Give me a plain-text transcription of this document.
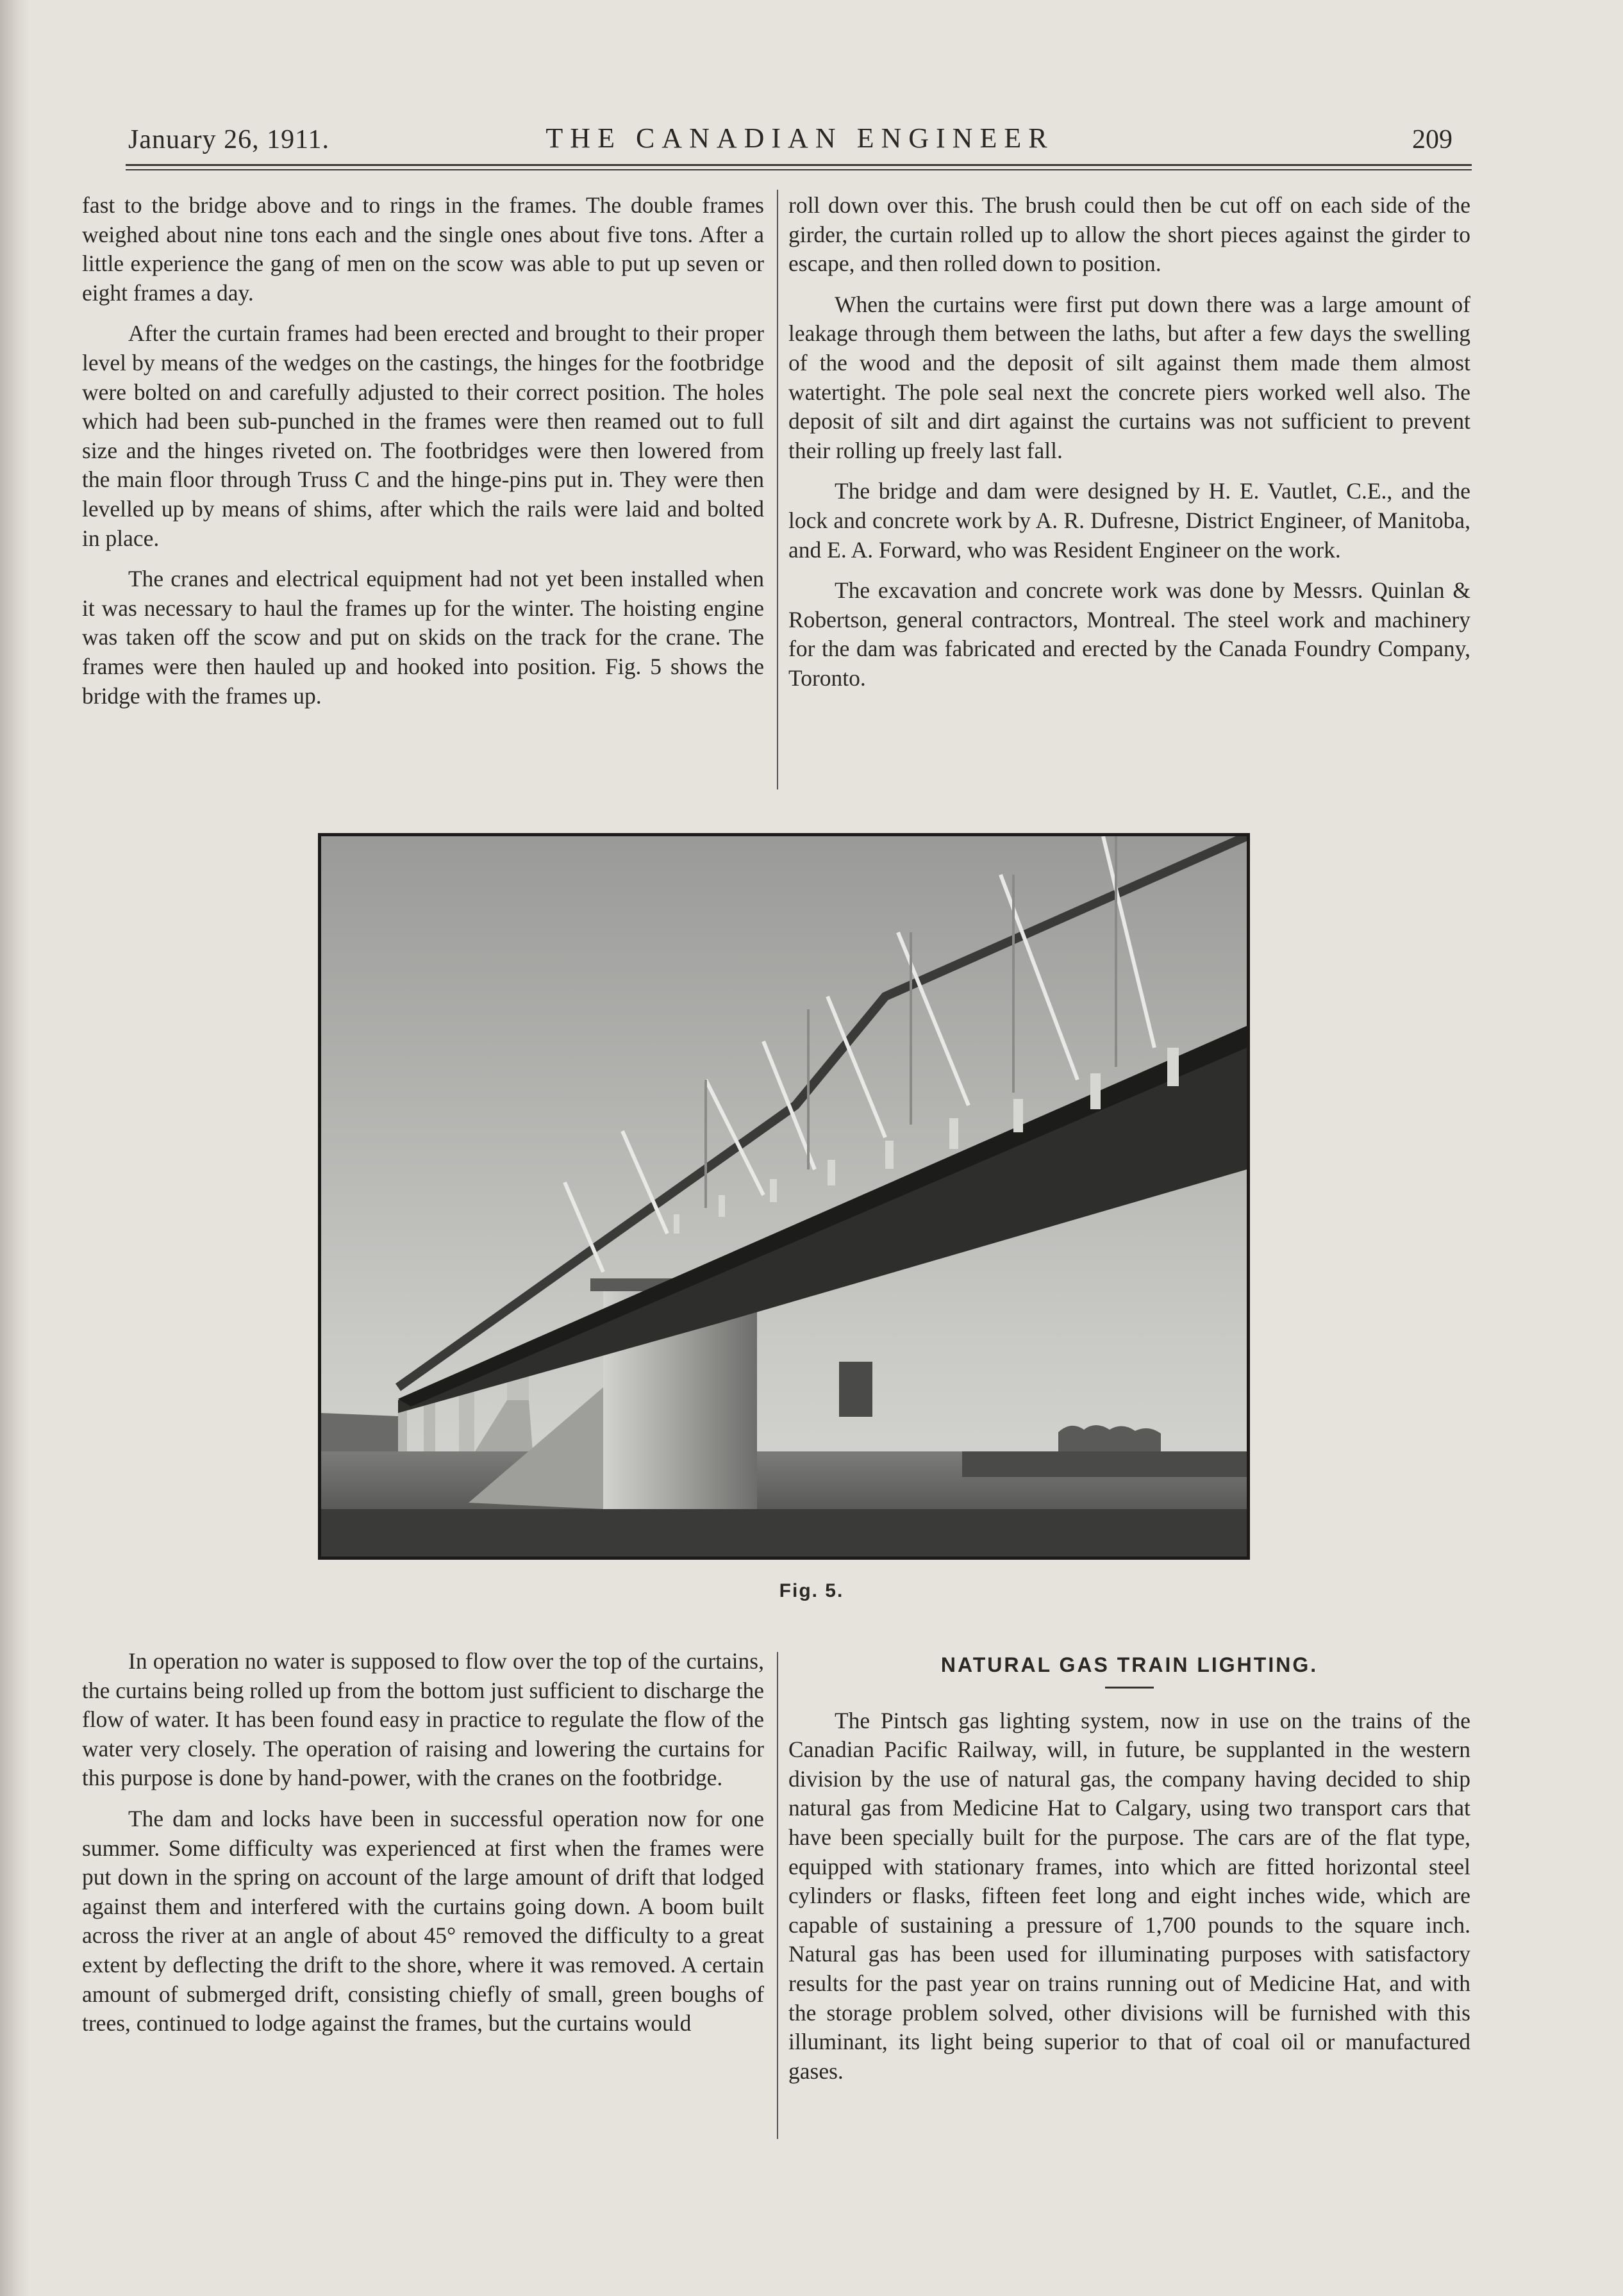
January 26, 1911.	THE CANADIAN ENGINEER	209

fast to the bridge above and to rings in the frames. The double frames weighed about nine tons each and the single ones about five tons. After a little experience the gang of men on the scow was able to put up seven or eight frames a day.

After the curtain frames had been erected and brought to their proper level by means of the wedges on the castings, the hinges for the footbridge were bolted on and carefully adjusted to their correct position. The holes which had been sub-punched in the frames were then reamed out to full size and the hinges riveted on. The footbridges were then lowered from the main floor through Truss C and the hinge-pins put in. They were then levelled up by means of shims, after which the rails were laid and bolted in place.

The cranes and electrical equipment had not yet been installed when it was necessary to haul the frames up for the winter. The hoisting engine was taken off the scow and put on skids on the track for the crane. The frames were then hauled up and hooked into position. Fig. 5 shows the bridge with the frames up.

roll down over this. The brush could then be cut off on each side of the girder, the curtain rolled up to allow the short pieces against the girder to escape, and then rolled down to position.

When the curtains were first put down there was a large amount of leakage through them between the laths, but after a few days the swelling of the wood and the deposit of silt against them made them almost watertight. The pole seal next the concrete piers worked well also. The deposit of silt and dirt against the curtains was not sufficient to prevent their rolling up freely last fall.

The bridge and dam were designed by H. E. Vautlet, C.E., and the lock and concrete work by A. R. Dufresne, District Engineer, of Manitoba, and E. A. Forward, who was Resident Engineer on the work.

The excavation and concrete work was done by Messrs. Quinlan & Robertson, general contractors, Montreal. The steel work and machinery for the dam was fabricated and erected by the Canada Foundry Company, Toronto.

Fig. 5.

In operation no water is supposed to flow over the top of the curtains, the curtains being rolled up from the bottom just sufficient to discharge the flow of water. It has been found easy in practice to regulate the flow of the water very closely. The operation of raising and lowering the curtains for this purpose is done by hand-power, with the cranes on the footbridge.

The dam and locks have been in successful operation now for one summer. Some difficulty was experienced at first when the frames were put down in the spring on account of the large amount of drift that lodged against them and interfered with the curtains going down. A boom built across the river at an angle of about 45° removed the difficulty to a great extent by deflecting the drift to the shore, where it was removed. A certain amount of submerged drift, consisting chiefly of small, green boughs of trees, continued to lodge against the frames, but the curtains would

NATURAL GAS TRAIN LIGHTING.

The Pintsch gas lighting system, now in use on the trains of the Canadian Pacific Railway, will, in future, be supplanted in the western division by the use of natural gas, the company having decided to ship natural gas from Medicine Hat to Calgary, using two transport cars that have been specially built for the purpose. The cars are of the flat type, equipped with stationary frames, into which are fitted horizontal steel cylinders or flasks, fifteen feet long and eight inches wide, which are capable of sustaining a pressure of 1,700 pounds to the square inch. Natural gas has been used for illuminating purposes with satisfactory results for the past year on trains running out of Medicine Hat, and with the storage problem solved, other divisions will be furnished with this illuminant, its light being superior to that of coal oil or manufactured gases.
